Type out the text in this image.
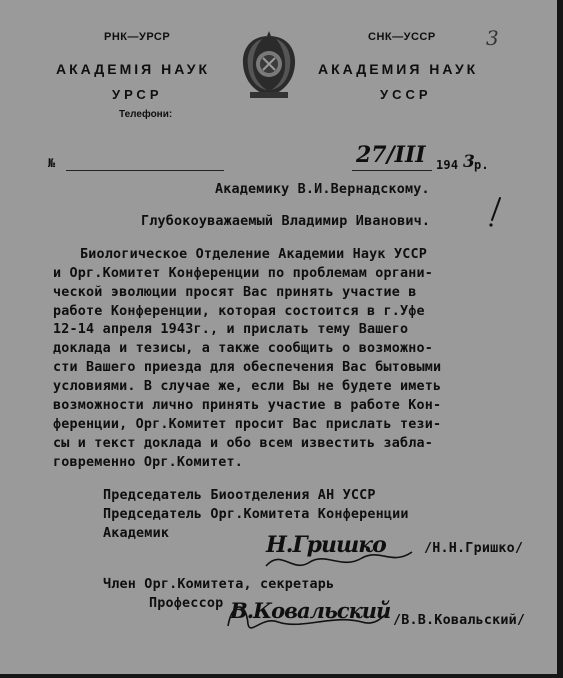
РНК—УРСР
АКАДЕМІЯ НАУК
УРСР
Телефони:
СНК—УССР
АКАДЕМИЯ НАУК
УССР
3
№	27/III 194 3 р.
Академику В.И.Вернадскому.
Глубокоуважаемый Владимир Иванович.
Биологическое Отделение Академии Наук УССР
и Орг.Комитет Конференции по проблемам органи-
ческой эволюции просят Вас принять участие в
работе Конференции, которая состоится в г.Уфе
12-14 апреля 1943г., и прислать тему Вашего
доклада и тезисы, а также сообщить о возможно-
сти Вашего приезда для обеспечения Вас бытовыми
условиями. В случае же, если Вы не будете иметь
возможности лично принять участие в работе Кон-
ференции, Орг.Комитет просит Вас прислать тези-
сы и текст доклада и обо всем известить забла-
говременно Орг.Комитет.
Председатель Биоотделения АН УССР
Председатель Орг.Комитета Конференции
Академик	Н.Гришко	/Н.Н.Гришко/
Член Орг.Комитета, секретарь
Профессор В.Ковальский /В.В.Ковальский/
